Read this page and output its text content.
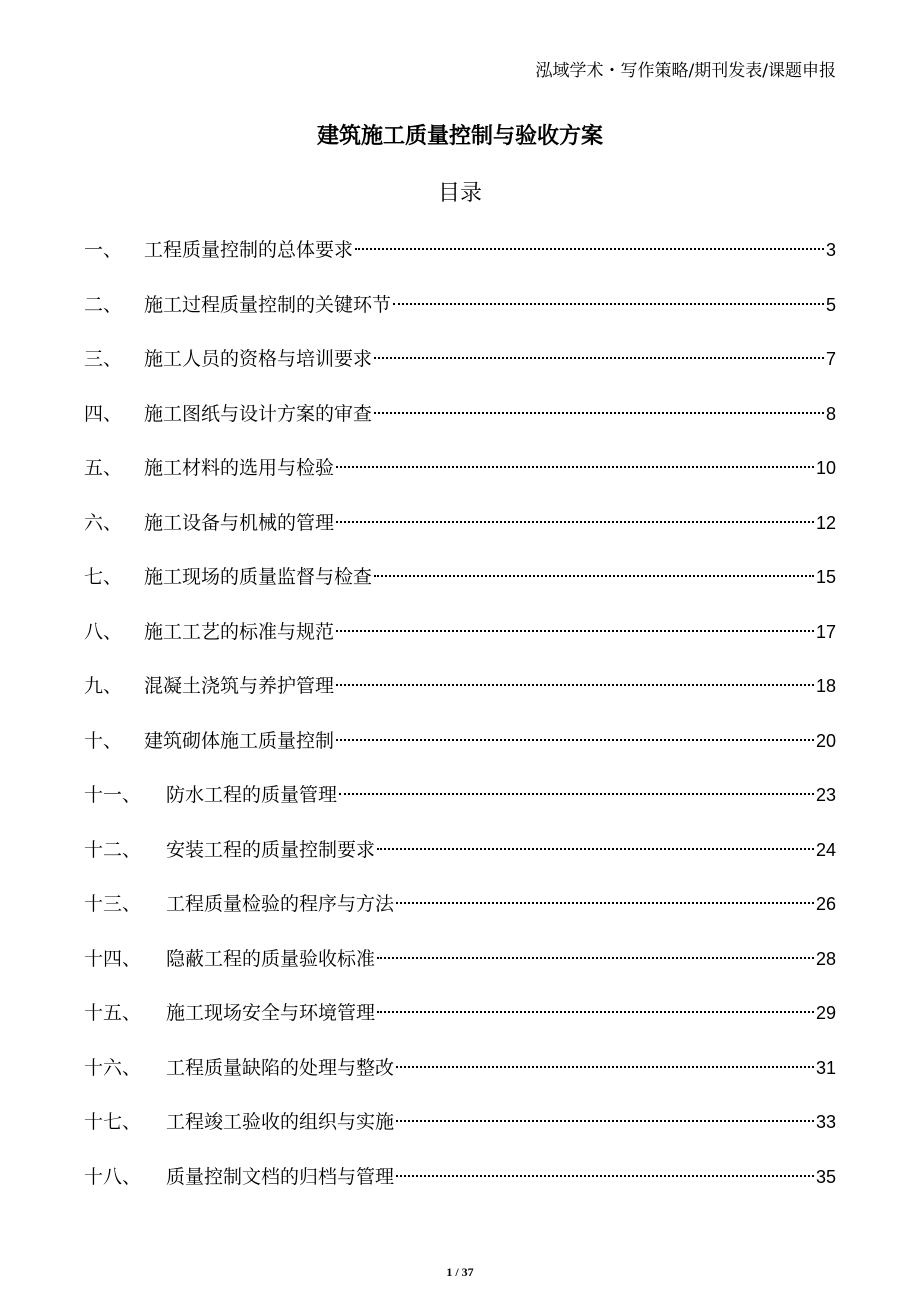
泓域学术・写作策略/期刊发表/课题申报
建筑施工质量控制与验收方案
目录
一、	工程质量控制的总体要求	3
二、	施工过程质量控制的关键环节	5
三、	施工人员的资格与培训要求	7
四、	施工图纸与设计方案的审查	8
五、	施工材料的选用与检验	10
六、	施工设备与机械的管理	12
七、	施工现场的质量监督与检查	15
八、	施工工艺的标准与规范	17
九、	混凝土浇筑与养护管理	18
十、	建筑砌体施工质量控制	20
十一、	防水工程的质量管理	23
十二、	安装工程的质量控制要求	24
十三、	工程质量检验的程序与方法	26
十四、	隐蔽工程的质量验收标准	28
十五、	施工现场安全与环境管理	29
十六、	工程质量缺陷的处理与整改	31
十七、	工程竣工验收的组织与实施	33
十八、	质量控制文档的归档与管理	35
1 / 37
